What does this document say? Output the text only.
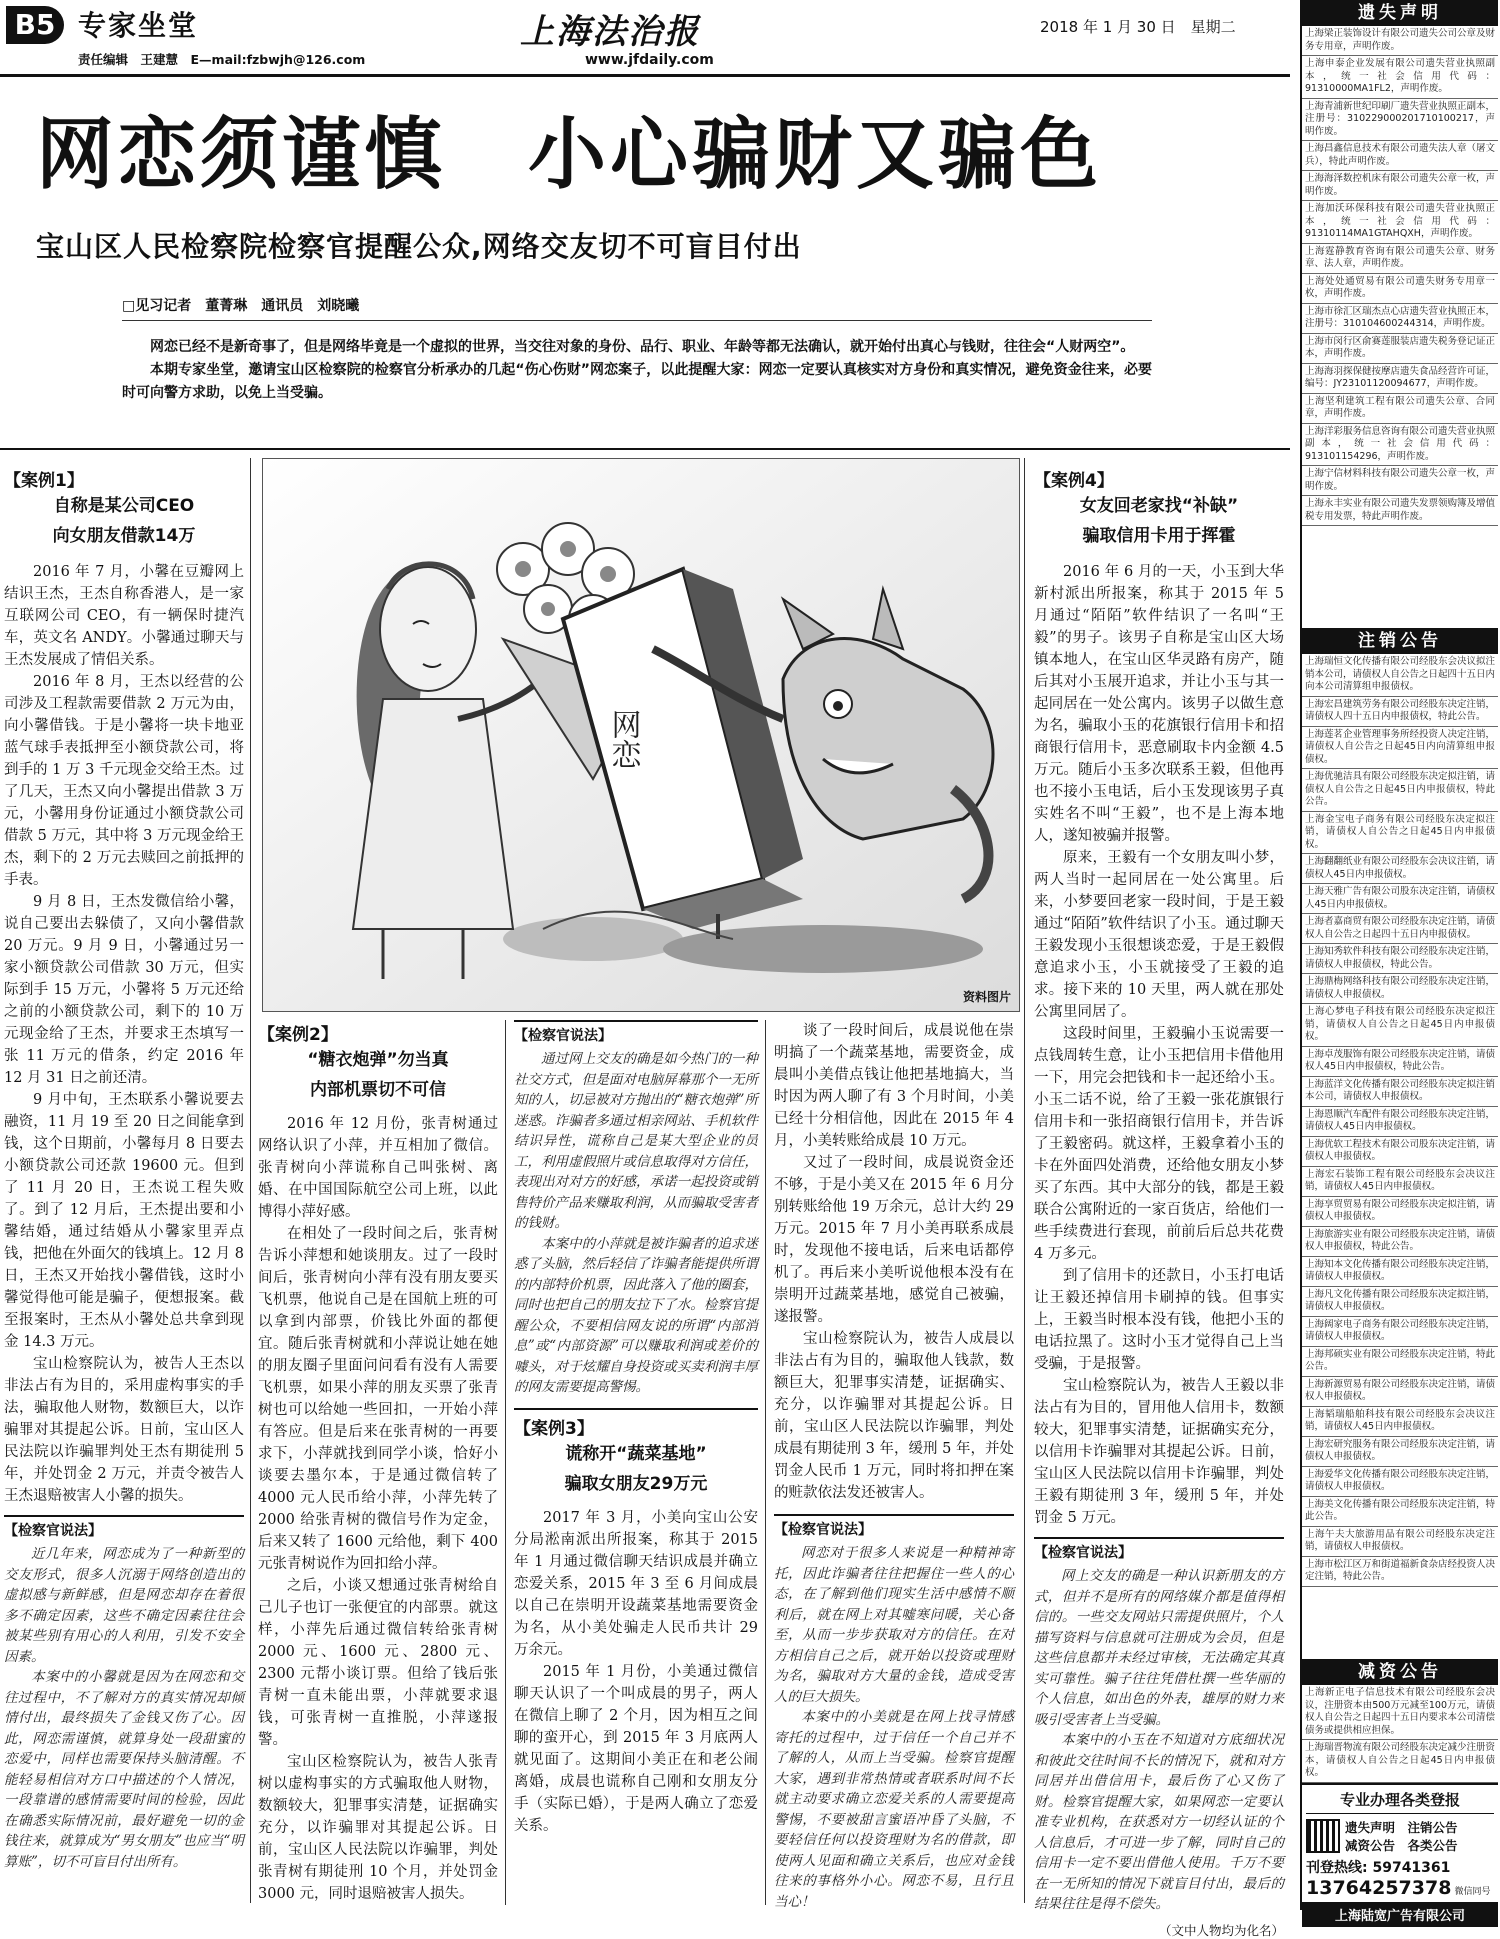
B5 专家坐堂
责任编辑　王建慧　E—mail:fzbwjh@126.com
上海法治报
www.jfdaily.com
2018 年 1 月 30 日　星期二
网恋须谨慎　小心骗财又骗色
宝山区人民检察院检察官提醒公众,网络交友切不可盲目付出
□见习记者　董菁琳　通讯员　刘晓曦

网恋已经不是新奇事了，但是网络毕竟是一个虚拟的世界，当交往对象的身份、品行、职业、年龄等都无法确认，就开始付出真心与钱财，往往会“人财两空”。

本期专家坐堂，邀请宝山区检察院的检察官分析承办的几起“伤心伤财”网恋案子，以此提醒大家：网恋一定要认真核实对方身份和真实情况，避免资金往来，必要时可向警方求助，以免上当受骗。

【案例1】
自称是某公司CEO
向女朋友借款14万

2016 年 7 月，小馨在豆瓣网上结识王杰，王杰自称香港人，是一家互联网公司 CEO，有一辆保时捷汽车，英文名 ANDY。小馨通过聊天与王杰发展成了情侣关系。

2016 年 8 月，王杰以经营的公司涉及工程款需要借款 2 万元为由，向小馨借钱。于是小馨将一块卡地亚蓝气球手表抵押至小额贷款公司，将到手的 1 万 3 千元现金交给王杰。过了几天，王杰又向小馨提出借款 3 万元，小馨用身份证通过小额贷款公司借款 5 万元，其中将 3 万元现金给王杰，剩下的 2 万元去赎回之前抵押的手表。

9 月 8 日，王杰发微信给小馨，说自己要出去躲债了，又向小馨借款 20 万元。9 月 9 日，小馨通过另一家小额贷款公司借款 30 万元，但实际到手 15 万元，小馨将 5 万元还给之前的小额贷款公司，剩下的 10 万元现金给了王杰，并要求王杰填写一张 11 万元的借条，约定 2016 年 12 月 31 日之前还清。

9 月中旬，王杰联系小馨说要去融资，11 月 19 至 20 日之间能拿到钱，这个日期前，小馨每月 8 日要去小额贷款公司还款 19600 元。但到了 11 月 20 日，王杰说工程失败了。到了 12 月后，王杰提出要和小馨结婚，通过结婚从小馨家里弄点钱，把他在外面欠的钱填上。12 月 8 日，王杰又开始找小馨借钱，这时小馨觉得他可能是骗子，便想报案。截至报案时，王杰从小馨处总共拿到现金 14.3 万元。

宝山检察院认为，被告人王杰以非法占有为目的，采用虚构事实的手法，骗取他人财物，数额巨大，以诈骗罪对其提起公诉。日前，宝山区人民法院以诈骗罪判处王杰有期徒刑 5 年，并处罚金 2 万元，并责令被告人王杰退赔被害人小馨的损失。

【检察官说法】

近几年来，网恋成为了一种新型的交友形式，很多人沉溺于网络创造出的虚拟感与新鲜感，但是网恋却存在着很多不确定因素，这些不确定因素往往会被某些别有用心的人利用，引发不安全因素。

本案中的小馨就是因为在网恋和交往过程中，不了解对方的真实情况却倾情付出，最终损失了金钱又伤了心。因此，网恋需谨慎，就算身处一段甜蜜的恋爱中，同样也需要保持头脑清醒。不能轻易相信对方口中描述的个人情况，一段靠谱的感情需要时间的检验，因此在确悉实际情况前，最好避免一切的金钱往来，就算成为“男女朋友”也应当“明算账”，切不可盲目付出所有。

网恋
资料图片
【案例2】
“糖衣炮弹”勿当真
内部机票切不可信

2016 年 12 月份，张青树通过网络认识了小萍，并互相加了微信。张青树向小萍谎称自己叫张树、离婚、在中国国际航空公司上班，以此博得小萍好感。

在相处了一段时间之后，张青树告诉小萍想和她谈朋友。过了一段时间后，张青树向小萍有没有朋友要买飞机票，他说自己是在国航上班的可以拿到内部票，价钱比外面的都便宜。随后张青树就和小萍说让她在她的朋友圈子里面问问看有没有人需要飞机票，如果小萍的朋友买票了张青树也可以给她一些回扣，一开始小萍有答应。但是后来在张青树的一再要求下，小萍就找到同学小谈，恰好小谈要去墨尔本，于是通过微信转了 4000 元人民币给小萍，小萍先转了 2000 给张青树的微信号作为定金，后来又转了 1600 元给他，剩下 400 元张青树说作为回扣给小萍。

之后，小谈又想通过张青树给自己儿子也订一张便宜的内部票。就这样，小萍先后通过微信转给张青树 2000 元、1600 元、2800 元、2300 元帮小谈订票。但给了钱后张青树一直未能出票，小萍就要求退钱，可张青树一直推脱，小萍遂报警。

宝山区检察院认为，被告人张青树以虚构事实的方式骗取他人财物，数额较大，犯罪事实清楚，证据确实充分，以诈骗罪对其提起公诉。日前，宝山区人民法院以诈骗罪，判处张青树有期徒刑 10 个月，并处罚金 3000 元，同时退赔被害人损失。

【检察官说法】

通过网上交友的确是如今热门的一种社交方式，但是面对电脑屏幕那个一无所知的人，切忌被对方抛出的“糖衣炮弹”所迷惑。诈骗者多通过相亲网站、手机软件结识异性，谎称自己是某大型企业的员工，利用虚假照片或信息取得对方信任，表现出对对方的好感，承诺一起投资或销售特价产品来赚取利润，从而骗取受害者的钱财。

本案中的小萍就是被诈骗者的追求迷惑了头脑，然后轻信了诈骗者能提供所谓的内部特价机票，因此落入了他的圈套，同时也把自己的朋友拉下了水。检察官提醒公众，不要相信网友说的所谓“内部消息”或“内部资源”可以赚取利润或差价的噱头，对于炫耀自身投资或买卖利润丰厚的网友需要提高警惕。

【案例3】
谎称开“蔬菜基地”
骗取女朋友29万元

2017 年 3 月，小美向宝山公安分局淞南派出所报案，称其于 2015 年 1 月通过微信聊天结识成晨并确立恋爱关系，2015 年 3 至 6 月间成晨以自己在崇明开设蔬菜基地需要资金为名，从小美处骗走人民币共计 29 万余元。

2015 年 1 月份，小美通过微信聊天认识了一个叫成晨的男子，两人在微信上聊了 2 个月，因为相互之间聊的蛮开心，到 2015 年 3 月底两人就见面了。这期间小美正在和老公闹离婚，成晨也谎称自己刚和女朋友分手（实际已婚），于是两人确立了恋爱关系。

谈了一段时间后，成晨说他在崇明搞了一个蔬菜基地，需要资金，成晨叫小美借点钱让他把基地搞大，当时因为两人聊了有 3 个月时间，小美已经十分相信他，因此在 2015 年 4 月，小美转账给成晨 10 万元。

又过了一段时间，成晨说资金还不够，于是小美又在 2015 年 6 月分别转账给他 19 万余元，总计大约 29 万元。2015 年 7 月小美再联系成晨时，发现他不接电话，后来电话都停机了。再后来小美听说他根本没有在崇明开过蔬菜基地，感觉自己被骗，遂报警。

宝山检察院认为，被告人成晨以非法占有为目的，骗取他人钱款，数额巨大，犯罪事实清楚，证据确实、充分，以诈骗罪对其提起公诉。日前，宝山区人民法院以诈骗罪，判处成晨有期徒刑 3 年，缓刑 5 年，并处罚金人民币 1 万元，同时将扣押在案的赃款依法发还被害人。

【检察官说法】

网恋对于很多人来说是一种精神寄托，因此诈骗者往往把握住一些人的心态，在了解到他们现实生活中感情不顺利后，就在网上对其嘘寒问暖，关心备至，从而一步步获取对方的信任。在对方相信自己之后，就开始以投资或理财为名，骗取对方大量的金钱，造成受害人的巨大损失。

本案中的小美就是在网上找寻情感寄托的过程中，过于信任一个自己并不了解的人，从而上当受骗。检察官提醒大家，遇到非常热情或者联系时间不长就主动要求确立恋爱关系的人需要提高警惕，不要被甜言蜜语冲昏了头脑，不要轻信任何以投资理财为名的借款，即使两人见面和确立关系后，也应对金钱往来的事格外小心。网恋不易，且行且当心！

【案例4】
女友回老家找“补缺”
骗取信用卡用于挥霍

2016 年 6 月的一天，小玉到大华新村派出所报案，称其于 2015 年 5 月通过“陌陌”软件结识了一名叫“王毅”的男子。该男子自称是宝山区大场镇本地人，在宝山区华灵路有房产，随后其对小玉展开追求，并让小玉与其一起同居在一处公寓内。该男子以做生意为名，骗取小玉的花旗银行信用卡和招商银行信用卡，恶意刷取卡内金额 4.5 万元。随后小玉多次联系王毅，但他再也不接小玉电话，后小玉发现该男子真实姓名不叫“王毅”，也不是上海本地人，遂知被骗并报警。

原来，王毅有一个女朋友叫小梦，两人当时一起同居在一处公寓里。后来，小梦要回老家一段时间，于是王毅通过“陌陌”软件结识了小玉。通过聊天王毅发现小玉很想谈恋爱，于是王毅假意追求小玉，小玉就接受了王毅的追求。接下来的 10 天里，两人就在那处公寓里同居了。

这段时间里，王毅骗小玉说需要一点钱周转生意，让小玉把信用卡借他用一下，用完会把钱和卡一起还给小玉。小玉二话不说，给了王毅一张花旗银行信用卡和一张招商银行信用卡，并告诉了王毅密码。就这样，王毅拿着小玉的卡在外面四处消费，还给他女朋友小梦买了东西。其中大部分的钱，都是王毅联合公寓附近的一家百货店，给他们一些手续费进行套现，前前后后总共花费 4 万多元。

到了信用卡的还款日，小玉打电话让王毅还掉信用卡刷掉的钱。但事实上，王毅当时根本没有钱，他把小玉的电话拉黑了。这时小玉才觉得自己上当受骗，于是报警。

宝山检察院认为，被告人王毅以非法占有为目的，冒用他人信用卡，数额较大，犯罪事实清楚，证据确实充分，以信用卡诈骗罪对其提起公诉。日前，宝山区人民法院以信用卡诈骗罪，判处王毅有期徒刑 3 年，缓刑 5 年，并处罚金 5 万元。

【检察官说法】

网上交友的确是一种认识新朋友的方式，但并不是所有的网络媒介都是值得相信的。一些交友网站只需提供照片，个人描写资料与信息就可注册成为会员，但是这些信息都并未经过审核，无法确定其真实可靠性。骗子往往凭借杜撰一些华丽的个人信息，如出色的外表，雄厚的财力来吸引受害者上当受骗。

本案中的小玉在不知道对方底细状况和彼此交往时间不长的情况下，就和对方同居并出借信用卡，最后伤了心又伤了财。检察官提醒大家，如果网恋一定要认准专业机构，在获悉对方一切经认证的个人信息后，才可进一步了解，同时自己的信用卡一定不要出借他人使用。千万不要在一无所知的情况下就盲目付出，最后的结果往往是得不偿失。

（文中人物均为化名）
遗失声明
上海梁正装饰设计有限公司遗失公司公章及财务专用章，声明作废。
上海申泰企业发展有限公司遗失营业执照副本，统一社会信用代码：91310000MA1FL2，声明作废。
上海青浦新世纪印刷厂遗失营业执照正副本，注册号：310229000201710100217，声明作废。
上海昌鑫信息技术有限公司遗失法人章（屠文兵），特此声明作废。
上海海泽数控机床有限公司遗失公章一枚，声明作废。
上海加沃环保科技有限公司遗失营业执照正本，统一社会信用代码：91310114MA1GTAHQXH，声明作废。
上海霆静教育咨询有限公司遗失公章、财务章、法人章，声明作废。
上海处处通贸易有限公司遗失财务专用章一枚，声明作废。
上海市徐汇区瑞杰点心店遗失营业执照正本，注册号：310104600244314，声明作废。
上海市闵行区俞赛莲服装店遗失税务登记证正本，声明作废。
上海海羽探保健按摩店遗失食品经营许可证，编号：JY23101120094677，声明作废。
上海坚利建筑工程有限公司遗失公章、合同章，声明作废。
上海洋彩服务信息咨询有限公司遗失营业执照副本，统一社会信用代码：913101154296，声明作废。
上海宁信材料科技有限公司遗失公章一枚，声明作废。
上海永丰实业有限公司遗失发票领购簿及增值税专用发票，特此声明作废。
注销公告
上海瑞恒文化传播有限公司经股东会决议拟注销本公司，请债权人自公告之日起四十五日内向本公司清算组申报债权。
上海宏昌建筑劳务有限公司经股东决定注销，请债权人四十五日内申报债权，特此公告。
上海莲茗企业管理事务所经投资人决定注销，请债权人自公告之日起45日内向清算组申报债权。
上海优驰洁具有限公司经股东决定拟注销，请债权人自公告之日起45日内申报债权，特此公告。
上海金宝电子商务有限公司经股东决定拟注销，请债权人自公告之日起45日内申报债权。
上海翻翻纸业有限公司经股东会决议注销，请债权人45日内申报债权。
上海天雅广告有限公司股东决定注销，请债权人45日内申报债权。
上海者嘉商贸有限公司经股东决定注销，请债权人自公告之日起四十五日内申报债权。
上海知秀软件科技有限公司经股东决定注销，请债权人申报债权，特此公告。
上海鼎梅网络科技有限公司经股东决定注销，请债权人申报债权。
上海心梦电子科技有限公司经股东决定拟注销，请债权人自公告之日起45日内申报债权。
上海卓茂服饰有限公司经股东决定注销，请债权人45日内申报债权，特此公告。
上海蓝洋文化传播有限公司经股东决定拟注销本公司，请债权人申报债权。
上海恩顺汽车配件有限公司经股东决定注销，请债权人45日内申报债权。
上海优软工程技术有限公司股东决定注销，请债权人申报债权。
上海宏石装饰工程有限公司经股东会决议注销，请债权人45日内申报债权。
上海享贸贸易有限公司经股东决定拟注销，请债权人申报债权。
上海旅游实业有限公司经股东决定注销，请债权人申报债权，特此公告。
上海知本文化传播有限公司经股东决定注销，请债权人申报债权。
上海凡文化传播有限公司经股东决定拟注销，请债权人申报债权。
上海阔家电子商务有限公司经股东决定注销，请债权人申报债权。
上海邦硕实业有限公司经股东决定注销，特此公告。
上海新源贸易有限公司经股东决定注销，请债权人申报债权。
上海韬瑞船舶科技有限公司经股东会决议注销，请债权人45日内申报债权。
上海宏研究服务有限公司经股东决定注销，请债权人申报债权。
上海爱华文化传播有限公司经股东决定注销，请债权人申报债权。
上海美文化传播有限公司经股东决定注销，特此公告。
上海午夫大旅游用品有限公司经股东决定注销，请债权人申报债权。
上海市松江区万和街道福新食杂店经投资人决定注销，特此公告。
减资公告
上海新正电子信息技术有限公司经股东会决议，注册资本由500万元减至100万元，请债权人自公告之日起四十五日内要求本公司清偿债务或提供相应担保。
上海瑞晋物流有限公司经股东决定减少注册资本，请债权人自公告之日起45日内申报债权。
专业办理各类登报
遗失声明　注销公告
减资公告　各类公告
刊登热线: 59741361
13764257378 微信同号
上海陆宽广告有限公司
